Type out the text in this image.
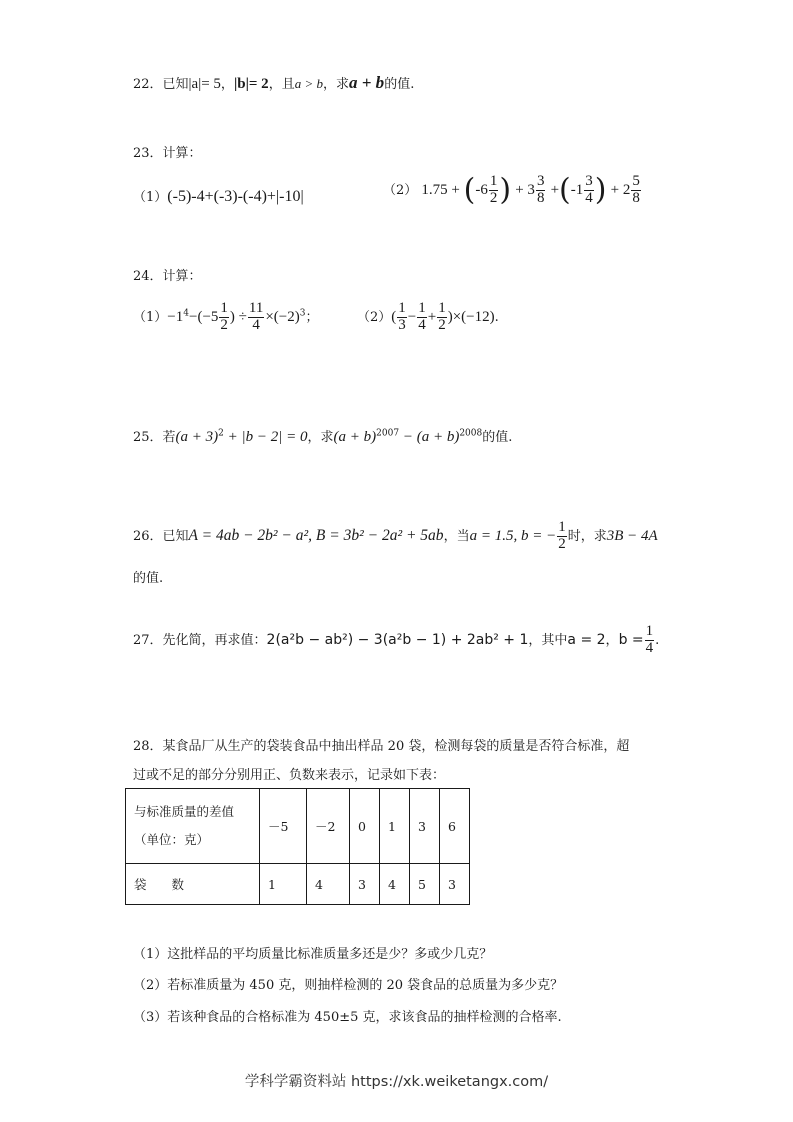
22．已知|a|= 5，|b|= 2，且a > b，求a + b的值.
23．计算：
（1）(-5)-4+(-3)-(-4)+|-10|	（2） $1.75 + (-6 \frac{1}{2}$ ) + $3 \frac{3}{8} +(-1 \frac{3}{4}$ ) + $2 \frac{5}{8}$
24．计算：
$(1)-1^4-(-5 \frac{1}{2}$ ) ÷ $\frac{11}{4} \times(-2)^3$；	$(2)( \frac{1}{3} - \frac{1}{4} + \frac{1}{2} )\times(-12)$.
25．若$(a + 3)^2 + |b - 2| = 0$，求$(a + b)^{2007} - (a + b)^{2008}$的值.
26．已知A = 4ab − 2b² − a², B = 3b² − 2a² + 5ab，当a = 1.5, b = − $\frac{1}{2}$ 时，求3B − 4A
的值.
27．先化简，再求值：2(a²b − ab²) − 3(a²b − 1) + 2ab² + 1，其中a = 2，$b = \frac{1}{4}$ .
28．某食品厂从生产的袋装食品中抽出样品 20 袋，检测每袋的质量是否符合标准，超
过或不足的部分分别用正、负数来表示，记录如下表：
与标准质量的差值
（单位：克）	－5	－2	0	1	3	6
袋　　数	1	4	3	4	5	3
（1）这批样品的平均质量比标准质量多还是少？多或少几克？
（2）若标准质量为 450 克，则抽样检测的 20 袋食品的总质量为多少克？
（3）若该种食品的合格标准为 450±5 克，求该食品的抽样检测的合格率.
学科学霸资料站 https://xk.weiketangx.com/
